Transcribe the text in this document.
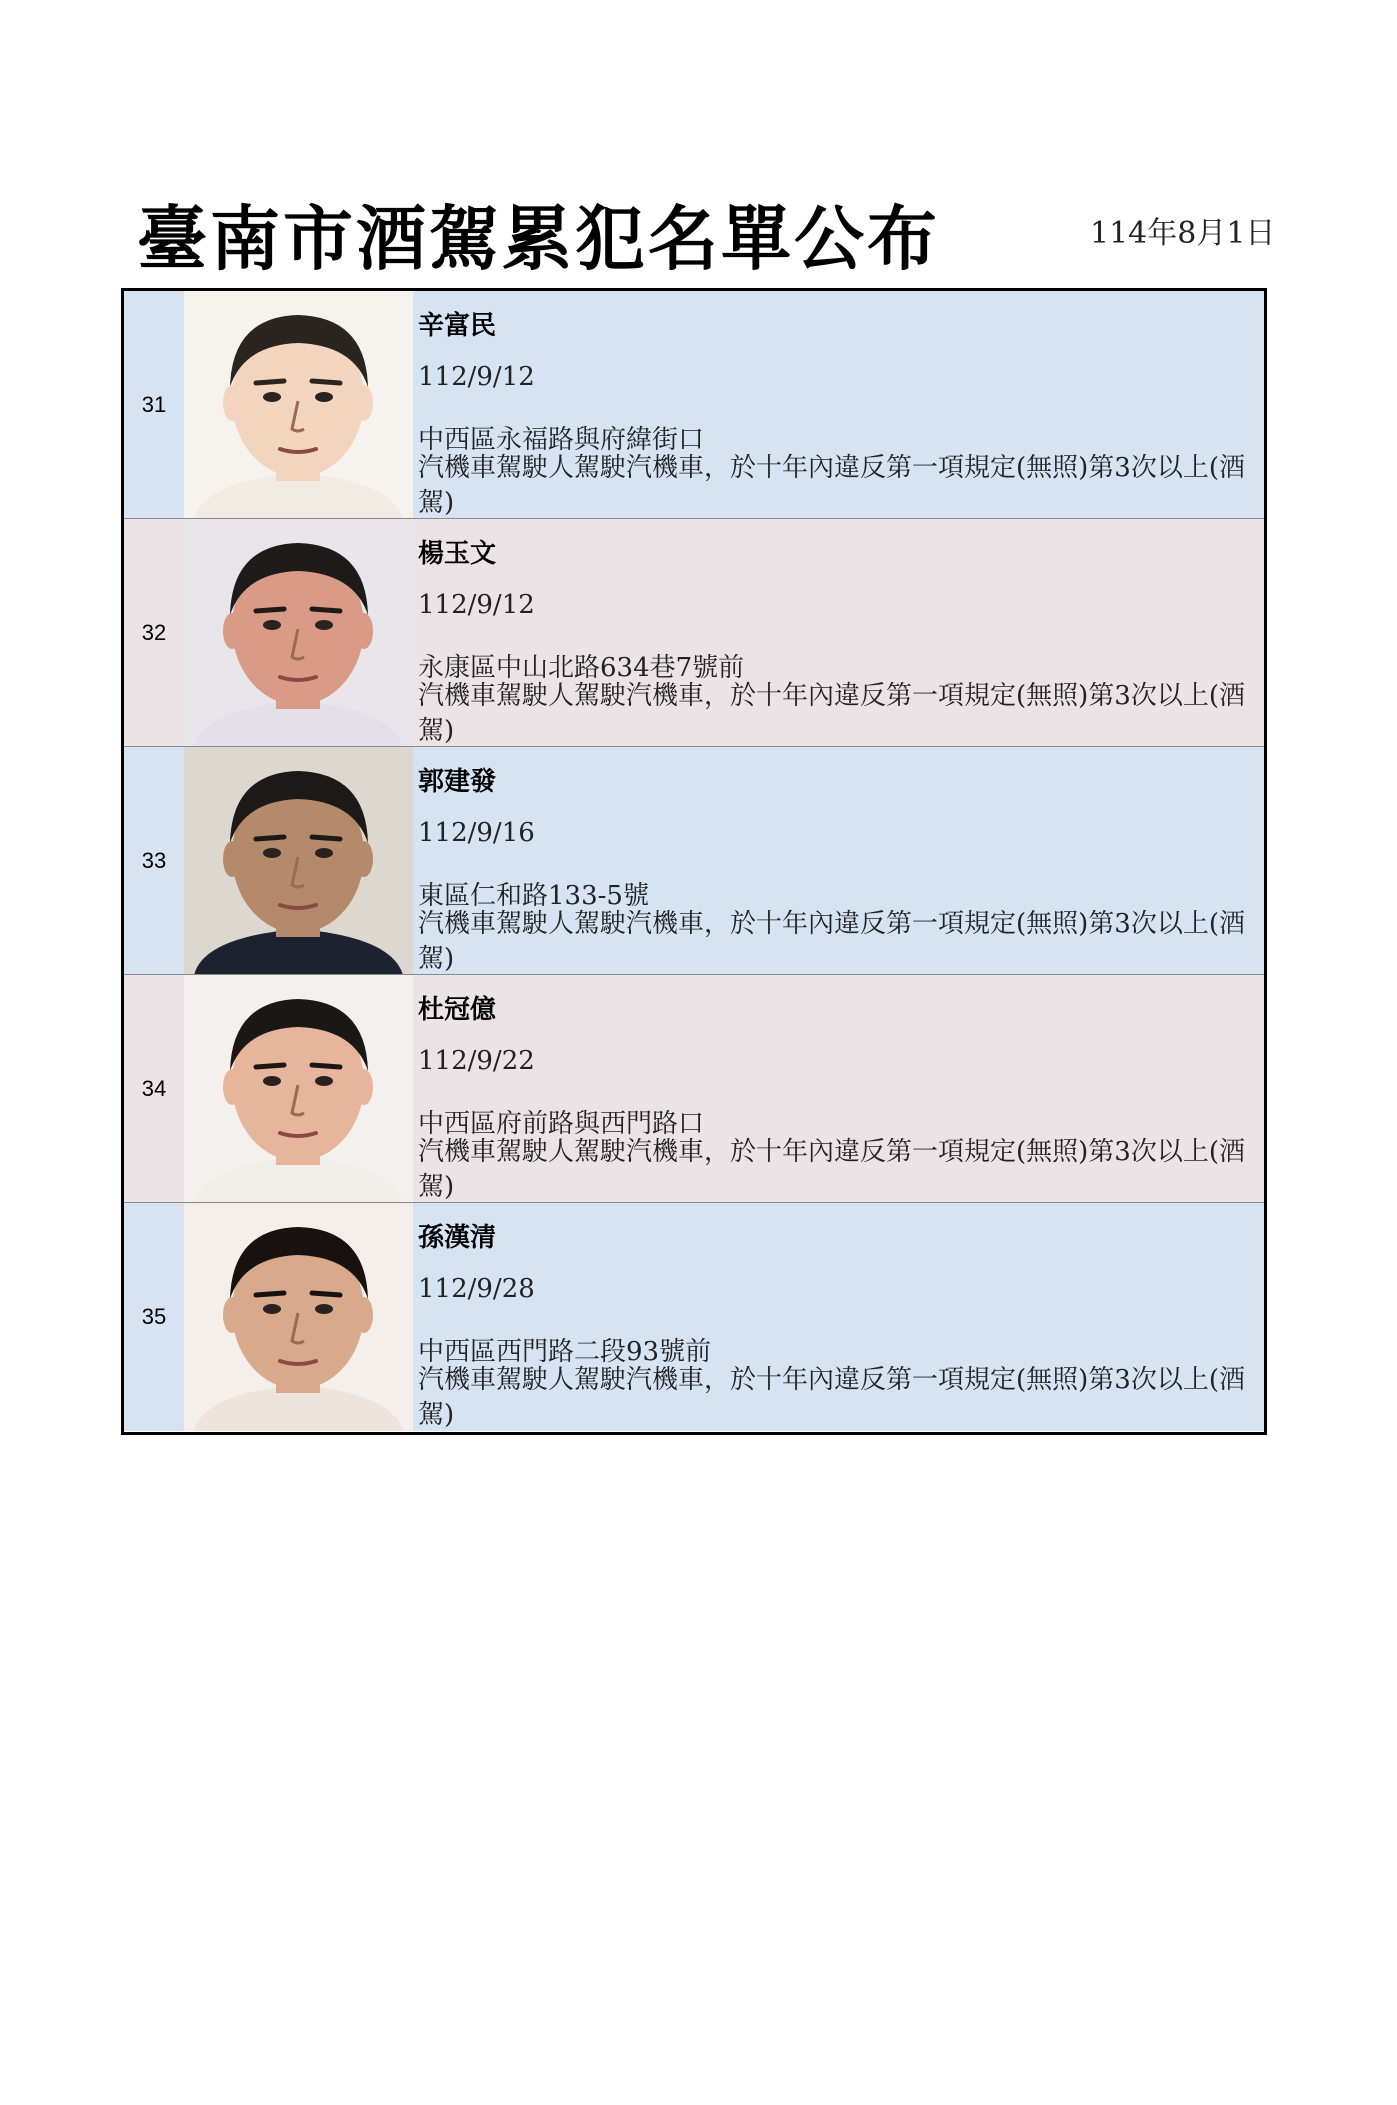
臺南市酒駕累犯名單公布	114年8月1日
31
辛富民
112/9/12
中西區永福路與府緯街口
汽機車駕駛人駕駛汽機車，於十年內違反第一項規定(無照)第3次以上(酒駕)
32
楊玉文
112/9/12
永康區中山北路634巷7號前
汽機車駕駛人駕駛汽機車，於十年內違反第一項規定(無照)第3次以上(酒駕)
33
郭建發
112/9/16
東區仁和路133-5號
汽機車駕駛人駕駛汽機車，於十年內違反第一項規定(無照)第3次以上(酒駕)
34
杜冠億
112/9/22
中西區府前路與西門路口
汽機車駕駛人駕駛汽機車，於十年內違反第一項規定(無照)第3次以上(酒駕)
35
孫漢清
112/9/28
中西區西門路二段93號前
汽機車駕駛人駕駛汽機車，於十年內違反第一項規定(無照)第3次以上(酒駕)
